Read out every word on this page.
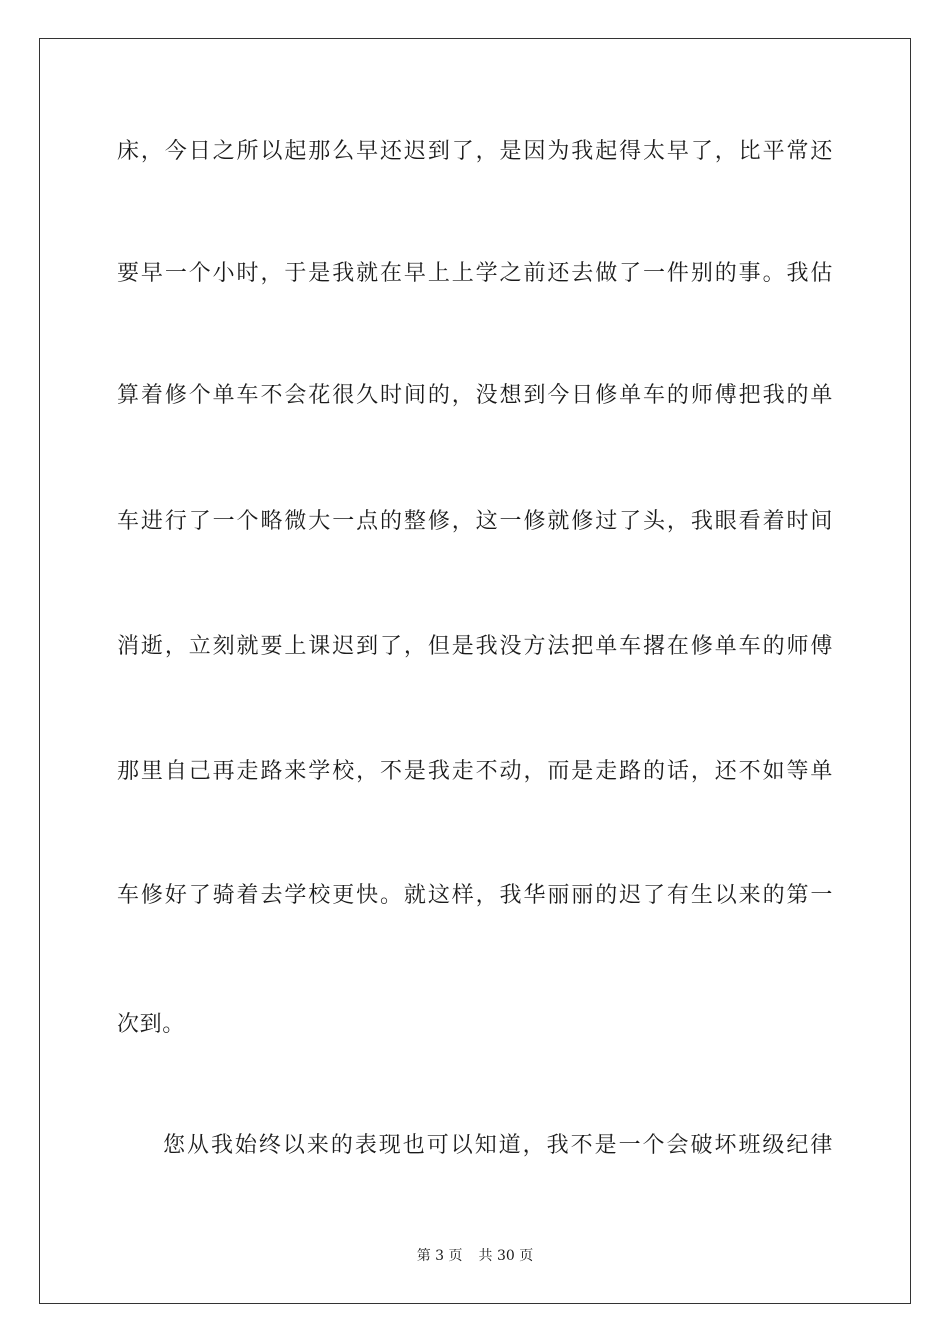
床，今日之所以起那么早还迟到了，是因为我起得太早了，比平常还
要早一个小时，于是我就在早上上学之前还去做了一件别的事。我估
算着修个单车不会花很久时间的，没想到今日修单车的师傅把我的单
车进行了一个略微大一点的整修，这一修就修过了头，我眼看着时间
消逝，立刻就要上课迟到了，但是我没方法把单车撂在修单车的师傅
那里自己再走路来学校，不是我走不动，而是走路的话，还不如等单
车修好了骑着去学校更快。就这样，我华丽丽的迟了有生以来的第一
次到。
您从我始终以来的表现也可以知道，我不是一个会破坏班级纪律
第 3 页 共 30 页
